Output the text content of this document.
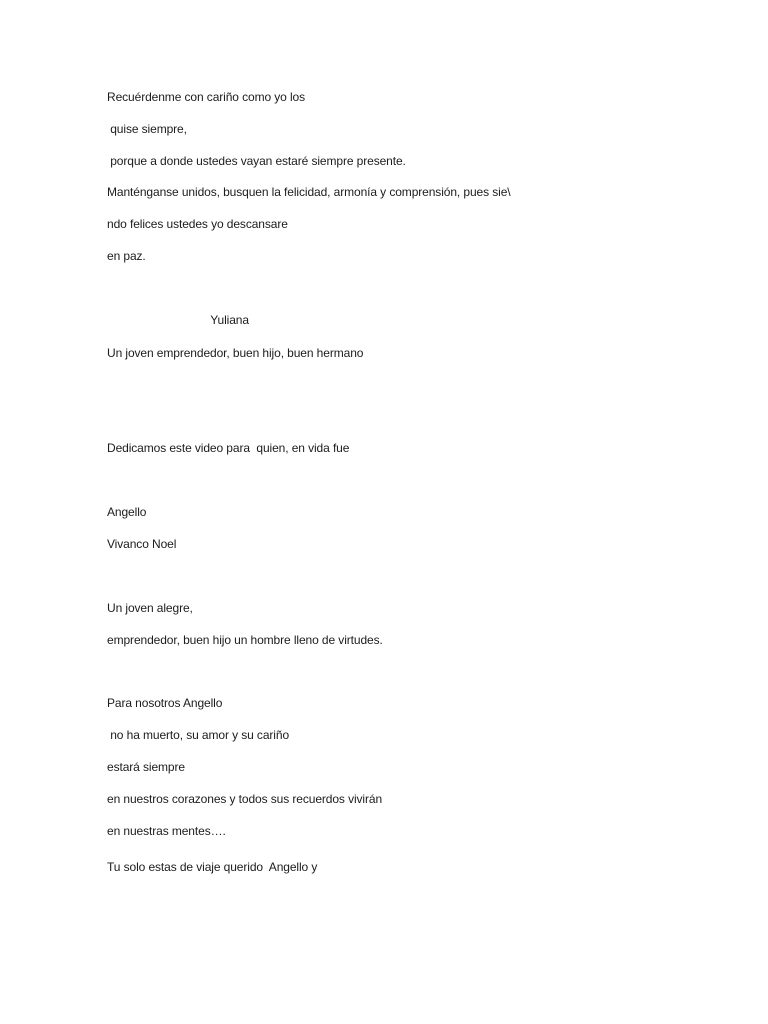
Recuérdenme con cariño como yo los

quise siempre,

porque a donde ustedes vayan estaré siempre presente.

Manténganse unidos, busquen la felicidad, armonía y comprensión, pues sie\

ndo felices ustedes yo descansare

en paz.

Yuliana

Un joven emprendedor, buen hijo, buen hermano

Dedicamos este video para  quien, en vida fue

Angello

Vivanco Noel

Un joven alegre,

emprendedor, buen hijo un hombre lleno de virtudes.

Para nosotros Angello

no ha muerto, su amor y su cariño

estará siempre

en nuestros corazones y todos sus recuerdos vivirán

en nuestras mentes….

Tu solo estas de viaje querido  Angello y
